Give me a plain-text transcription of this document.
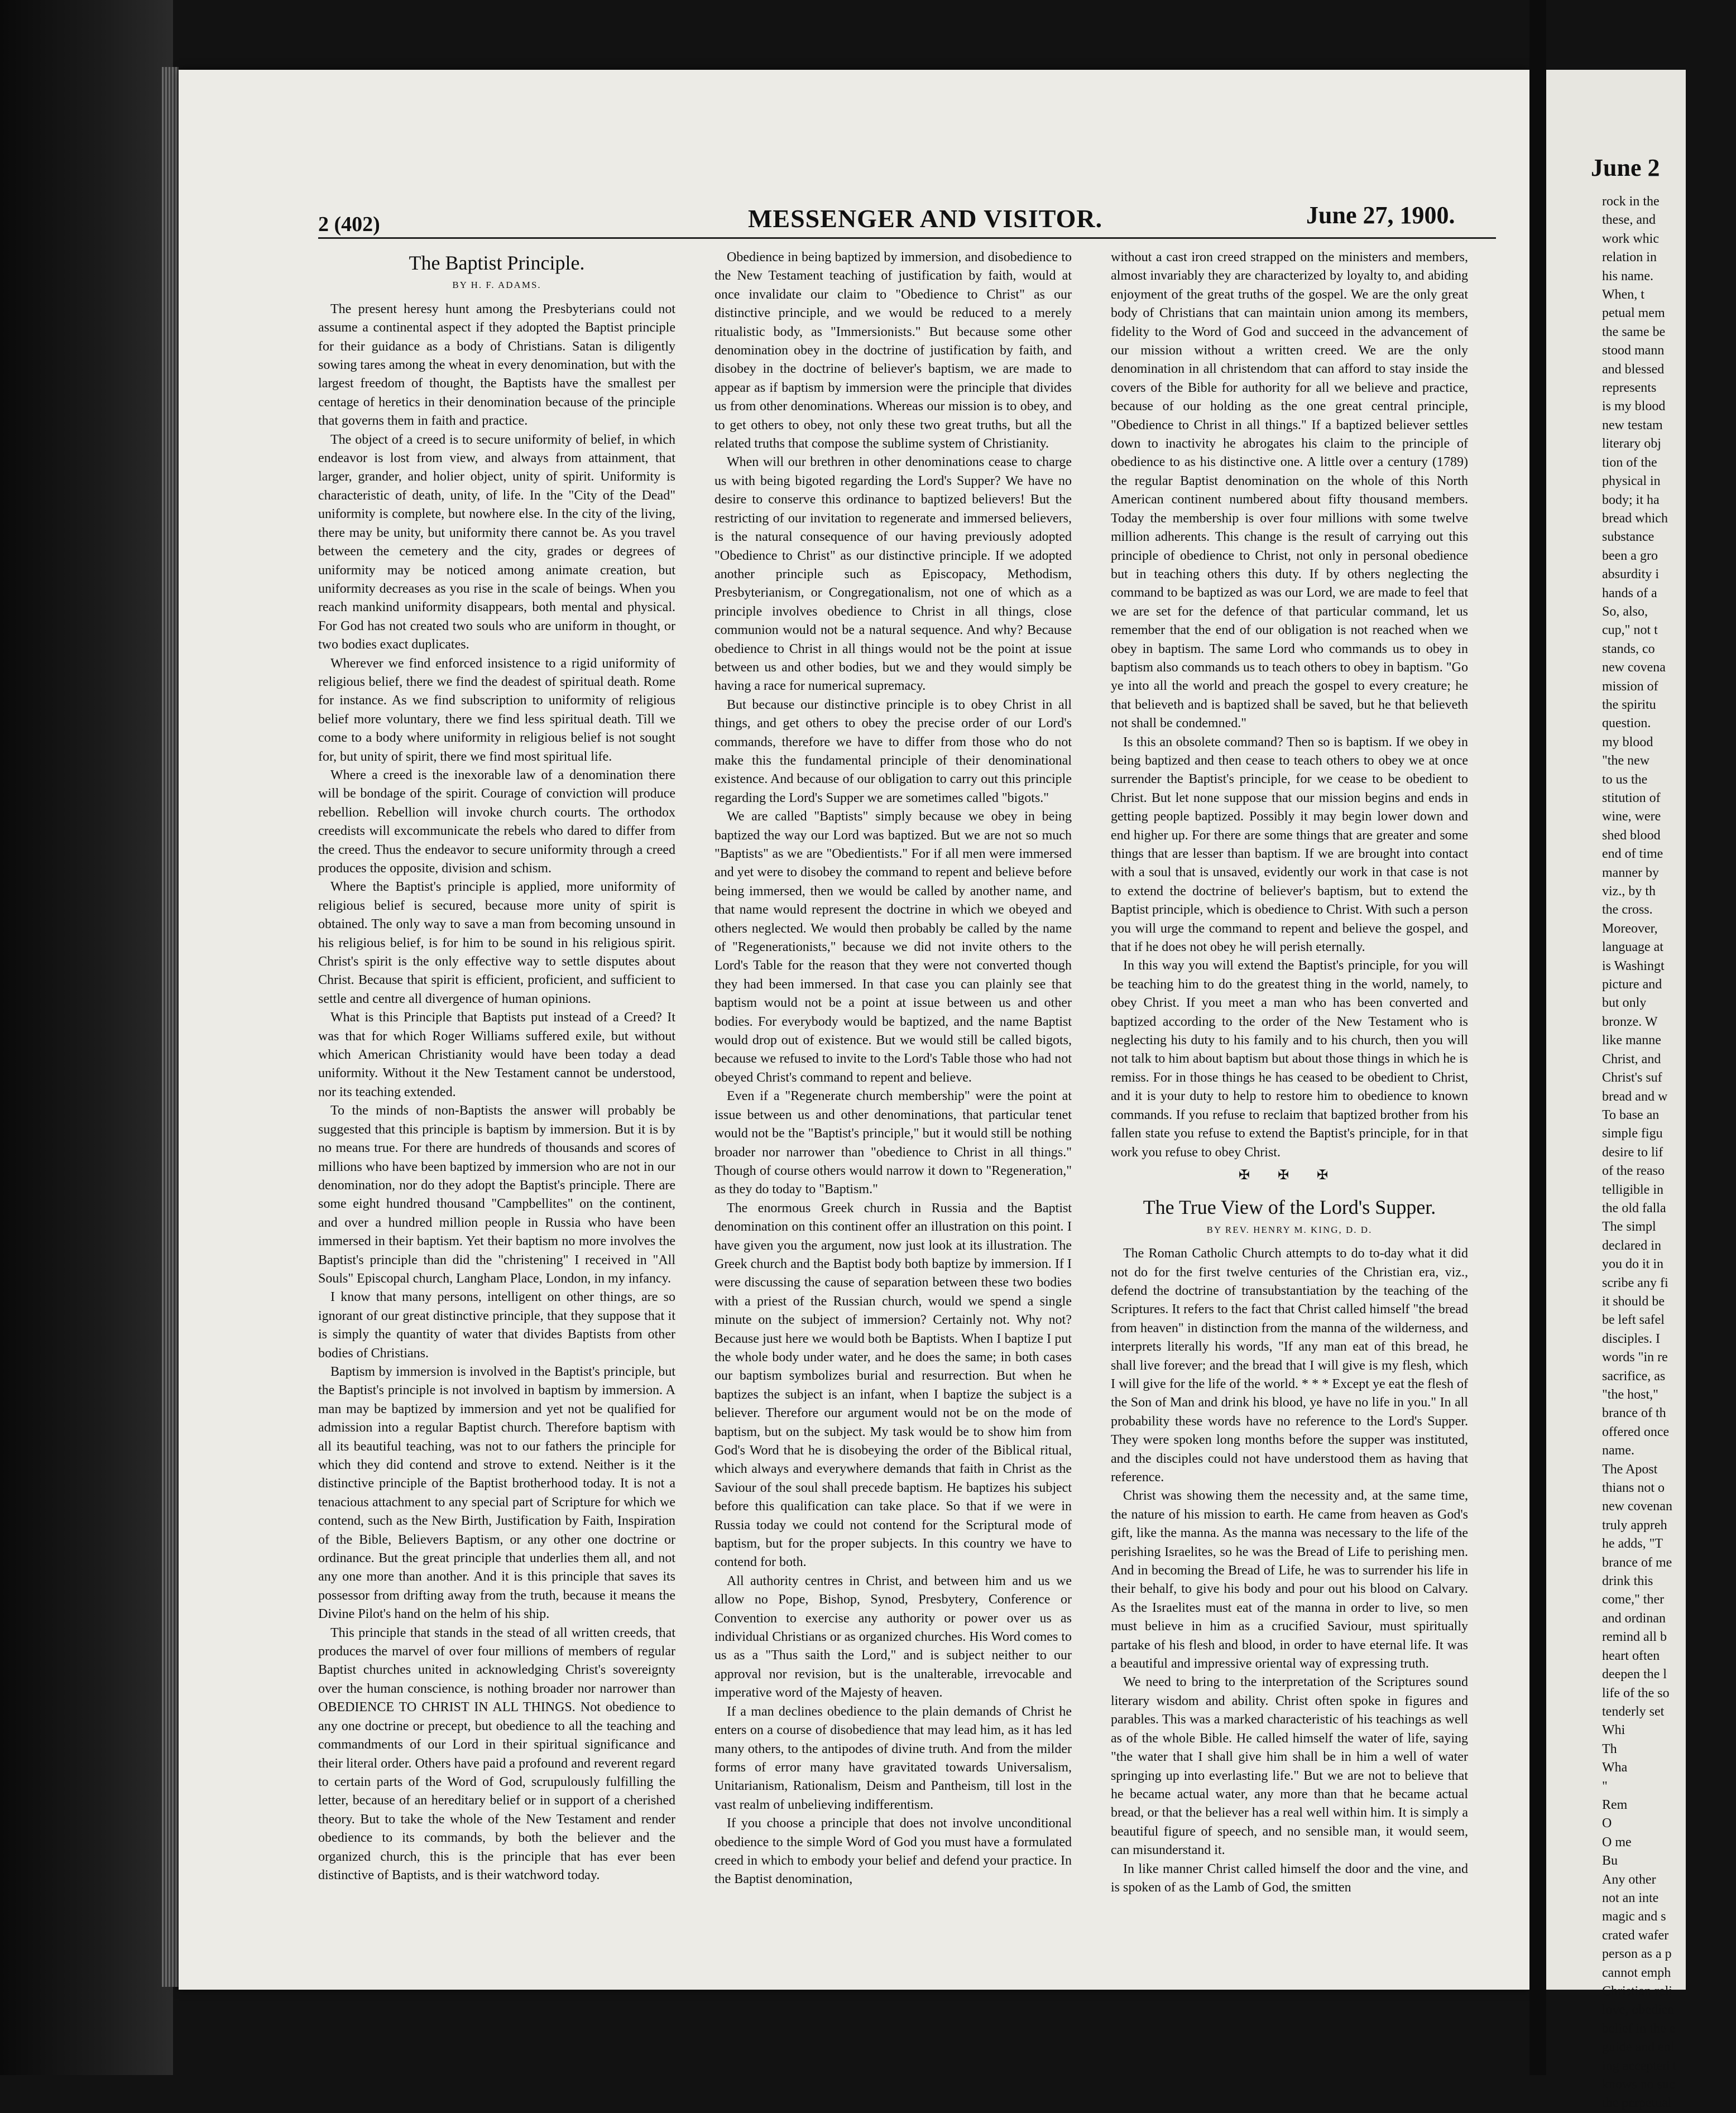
2 (402)	MESSENGER AND VISITOR.	June 27, 1900.
The Baptist Principle.
BY H. F. ADAMS.

The present heresy hunt among the Presbyterians could not assume a continental aspect if they adopted the Baptist principle for their guidance as a body of Christians. Satan is diligently sowing tares among the wheat in every denomination, but with the largest freedom of thought, the Baptists have the smallest per centage of heretics in their denomination because of the principle that governs them in faith and practice.

The object of a creed is to secure uniformity of belief, in which endeavor is lost from view, and always from attainment, that larger, grander, and holier object, unity of spirit. Uniformity is characteristic of death, unity, of life. In the "City of the Dead" uniformity is complete, but nowhere else. In the city of the living, there may be unity, but uniformity there cannot be. As you travel between the cemetery and the city, grades or degrees of uniformity may be noticed among animate creation, but uniformity decreases as you rise in the scale of beings. When you reach mankind uniformity disappears, both mental and physical. For God has not created two souls who are uniform in thought, or two bodies exact duplicates.

Wherever we find enforced insistence to a rigid uniformity of religious belief, there we find the deadest of spiritual death. Rome for instance. As we find subscription to uniformity of religious belief more voluntary, there we find less spiritual death. Till we come to a body where uniformity in religious belief is not sought for, but unity of spirit, there we find most spiritual life.

Where a creed is the inexorable law of a denomination there will be bondage of the spirit. Courage of conviction will produce rebellion. Rebellion will invoke church courts. The orthodox creedists will excommunicate the rebels who dared to differ from the creed. Thus the endeavor to secure uniformity through a creed produces the opposite, division and schism.

Where the Baptist's principle is applied, more uniformity of religious belief is secured, because more unity of spirit is obtained. The only way to save a man from becoming unsound in his religious belief, is for him to be sound in his religious spirit. Christ's spirit is the only effective way to settle disputes about Christ. Because that spirit is efficient, proficient, and sufficient to settle and centre all divergence of human opinions.

What is this Principle that Baptists put instead of a Creed? It was that for which Roger Williams suffered exile, but without which American Christianity would have been today a dead uniformity. Without it the New Testament cannot be understood, nor its teaching extended.

To the minds of non-Baptists the answer will probably be suggested that this principle is baptism by immersion. But it is by no means true. For there are hundreds of thousands and scores of millions who have been baptized by immersion who are not in our denomination, nor do they adopt the Baptist's principle. There are some eight hundred thousand "Campbellites" on the continent, and over a hundred million people in Russia who have been immersed in their baptism. Yet their baptism no more involves the Baptist's principle than did the "christening" I received in "All Souls" Episcopal church, Langham Place, London, in my infancy.

I know that many persons, intelligent on other things, are so ignorant of our great distinctive principle, that they suppose that it is simply the quantity of water that divides Baptists from other bodies of Christians.

Baptism by immersion is involved in the Baptist's principle, but the Baptist's principle is not involved in baptism by immersion. A man may be baptized by immersion and yet not be qualified for admission into a regular Baptist church. Therefore baptism with all its beautiful teaching, was not to our fathers the principle for which they did contend and strove to extend. Neither is it the distinctive principle of the Baptist brotherhood today. It is not a tenacious attachment to any special part of Scripture for which we contend, such as the New Birth, Justification by Faith, Inspiration of the Bible, Believers Baptism, or any other one doctrine or ordinance. But the great principle that underlies them all, and not any one more than another. And it is this principle that saves its possessor from drifting away from the truth, because it means the Divine Pilot's hand on the helm of his ship.

This principle that stands in the stead of all written creeds, that produces the marvel of over four millions of members of regular Baptist churches united in acknowledging Christ's sovereignty over the human conscience, is nothing broader nor narrower than OBEDIENCE TO CHRIST IN ALL THINGS. Not obedience to any one doctrine or precept, but obedience to all the teaching and commandments of our Lord in their spiritual significance and their literal order. Others have paid a profound and reverent regard to certain parts of the Word of God, scrupulously fulfilling the letter, because of an hereditary belief or in support of a cherished theory. But to take the whole of the New Testament and render obedience to its commands, by both the believer and the organized church, this is the principle that has ever been distinctive of Baptists, and is their watchword today.

Obedience in being baptized by immersion, and disobedience to the New Testament teaching of justification by faith, would at once invalidate our claim to "Obedience to Christ" as our distinctive principle, and we would be reduced to a merely ritualistic body, as "Immersionists." But because some other denomination obey in the doctrine of justification by faith, and disobey in the doctrine of believer's baptism, we are made to appear as if baptism by immersion were the principle that divides us from other denominations. Whereas our mission is to obey, and to get others to obey, not only these two great truths, but all the related truths that compose the sublime system of Christianity.

When will our brethren in other denominations cease to charge us with being bigoted regarding the Lord's Supper? We have no desire to conserve this ordinance to baptized believers! But the restricting of our invitation to regenerate and immersed believers, is the natural consequence of our having previously adopted "Obedience to Christ" as our distinctive principle. If we adopted another principle such as Episcopacy, Methodism, Presbyterianism, or Congregationalism, not one of which as a principle involves obedience to Christ in all things, close communion would not be a natural sequence. And why? Because obedience to Christ in all things would not be the point at issue between us and other bodies, but we and they would simply be having a race for numerical supremacy.

But because our distinctive principle is to obey Christ in all things, and get others to obey the precise order of our Lord's commands, therefore we have to differ from those who do not make this the fundamental principle of their denominational existence. And because of our obligation to carry out this principle regarding the Lord's Supper we are sometimes called "bigots."

We are called "Baptists" simply because we obey in being baptized the way our Lord was baptized. But we are not so much "Baptists" as we are "Obedientists." For if all men were immersed and yet were to disobey the command to repent and believe before being immersed, then we would be called by another name, and that name would represent the doctrine in which we obeyed and others neglected. We would then probably be called by the name of "Regenerationists," because we did not invite others to the Lord's Table for the reason that they were not converted though they had been immersed. In that case you can plainly see that baptism would not be a point at issue between us and other bodies. For everybody would be baptized, and the name Baptist would drop out of existence. But we would still be called bigots, because we refused to invite to the Lord's Table those who had not obeyed Christ's command to repent and believe.

Even if a "Regenerate church membership" were the point at issue between us and other denominations, that particular tenet would not be the "Baptist's principle," but it would still be nothing broader nor narrower than "obedience to Christ in all things." Though of course others would narrow it down to "Regeneration," as they do today to "Baptism."

The enormous Greek church in Russia and the Baptist denomination on this continent offer an illustration on this point. I have given you the argument, now just look at its illustration. The Greek church and the Baptist body both baptize by immersion. If I were discussing the cause of separation between these two bodies with a priest of the Russian church, would we spend a single minute on the subject of immersion? Certainly not. Why not? Because just here we would both be Baptists. When I baptize I put the whole body under water, and he does the same; in both cases our baptism symbolizes burial and resurrection. But when he baptizes the subject is an infant, when I baptize the subject is a believer. Therefore our argument would not be on the mode of baptism, but on the subject. My task would be to show him from God's Word that he is disobeying the order of the Biblical ritual, which always and everywhere demands that faith in Christ as the Saviour of the soul shall precede baptism. He baptizes his subject before this qualification can take place. So that if we were in Russia today we could not contend for the Scriptural mode of baptism, but for the proper subjects. In this country we have to contend for both.

All authority centres in Christ, and between him and us we allow no Pope, Bishop, Synod, Presbytery, Conference or Convention to exercise any authority or power over us as individual Christians or as organized churches. His Word comes to us as a "Thus saith the Lord," and is subject neither to our approval nor revision, but is the unalterable, irrevocable and imperative word of the Majesty of heaven.

If a man declines obedience to the plain demands of Christ he enters on a course of disobedience that may lead him, as it has led many others, to the antipodes of divine truth. And from the milder forms of error many have gravitated towards Universalism, Unitarianism, Rationalism, Deism and Pantheism, till lost in the vast realm of unbelieving indifferentism.

If you choose a principle that does not involve unconditional obedience to the simple Word of God you must have a formulated creed in which to embody your belief and defend your practice. In the Baptist denomination,

without a cast iron creed strapped on the ministers and members, almost invariably they are characterized by loyalty to, and abiding enjoyment of the great truths of the gospel. We are the only great body of Christians that can maintain union among its members, fidelity to the Word of God and succeed in the advancement of our mission without a written creed. We are the only denomination in all christendom that can afford to stay inside the covers of the Bible for authority for all we believe and practice, because of our holding as the one great central principle, "Obedience to Christ in all things." If a baptized believer settles down to inactivity he abrogates his claim to the principle of obedience to as his distinctive one. A little over a century (1789) the regular Baptist denomination on the whole of this North American continent numbered about fifty thousand members. Today the membership is over four millions with some twelve million adherents. This change is the result of carrying out this principle of obedience to Christ, not only in personal obedience but in teaching others this duty. If by others neglecting the command to be baptized as was our Lord, we are made to feel that we are set for the defence of that particular command, let us remember that the end of our obligation is not reached when we obey in baptism. The same Lord who commands us to obey in baptism also commands us to teach others to obey in baptism. "Go ye into all the world and preach the gospel to every creature; he that believeth and is baptized shall be saved, but he that believeth not shall be condemned."

Is this an obsolete command? Then so is baptism. If we obey in being baptized and then cease to teach others to obey we at once surrender the Baptist's principle, for we cease to be obedient to Christ. But let none suppose that our mission begins and ends in getting people baptized. Possibly it may begin lower down and end higher up. For there are some things that are greater and some things that are lesser than baptism. If we are brought into contact with a soul that is unsaved, evidently our work in that case is not to extend the doctrine of believer's baptism, but to extend the Baptist principle, which is obedience to Christ. With such a person you will urge the command to repent and believe the gospel, and that if he does not obey he will perish eternally.

In this way you will extend the Baptist's principle, for you will be teaching him to do the greatest thing in the world, namely, to obey Christ. If you meet a man who has been converted and baptized according to the order of the New Testament who is neglecting his duty to his family and to his church, then you will not talk to him about baptism but about those things in which he is remiss. For in those things he has ceased to be obedient to Christ, and it is your duty to help to restore him to obedience to known commands. If you refuse to reclaim that baptized brother from his fallen state you refuse to extend the Baptist's principle, for in that work you refuse to obey Christ.

✠ ✠ ✠
The True View of the Lord's Supper.
BY REV. HENRY M. KING, D. D.

The Roman Catholic Church attempts to do to-day what it did not do for the first twelve centuries of the Christian era, viz., defend the doctrine of transubstantiation by the teaching of the Scriptures. It refers to the fact that Christ called himself "the bread from heaven" in distinction from the manna of the wilderness, and interprets literally his words, "If any man eat of this bread, he shall live forever; and the bread that I will give is my flesh, which I will give for the life of the world. * * * Except ye eat the flesh of the Son of Man and drink his blood, ye have no life in you." In all probability these words have no reference to the Lord's Supper. They were spoken long months before the supper was instituted, and the disciples could not have understood them as having that reference.

Christ was showing them the necessity and, at the same time, the nature of his mission to earth. He came from heaven as God's gift, like the manna. As the manna was necessary to the life of the perishing Israelites, so he was the Bread of Life to perishing men. And in becoming the Bread of Life, he was to surrender his life in their behalf, to give his body and pour out his blood on Calvary. As the Israelites must eat of the manna in order to live, so men must believe in him as a crucified Saviour, must spiritually partake of his flesh and blood, in order to have eternal life. It was a beautiful and impressive oriental way of expressing truth.

We need to bring to the interpretation of the Scriptures sound literary wisdom and ability. Christ often spoke in figures and parables. This was a marked characteristic of his teachings as well as of the whole Bible. He called himself the water of life, saying "the water that I shall give him shall be in him a well of water springing up into everlasting life." But we are not to believe that he became actual water, any more than that he became actual bread, or that the believer has a real well within him. It is simply a beautiful figure of speech, and no sensible man, it would seem, can misunderstand it.

In like manner Christ called himself the door and the vine, and is spoken of as the Lamb of God, the smitten

June 2
rock in the
these, and
work whic
relation in
his name.
When, t
petual mem
the same be
stood mann
and blessed
represents
is my blood
new testam
literary obj
tion of the
physical in
body; it ha
bread which
substance
been a gro
absurdity i
hands of a
So, also,
cup," not t
stands, co
new covena
mission of
the spiritu
question.
my blood
"the new
to us the
stitution of
wine, were
shed blood
end of time
manner by
viz., by th
the cross.
Moreover,
language at
is Washingt
picture and
but only
bronze. W
like manne
Christ, and
Christ's suf
bread and w
To base an
simple figu
desire to lif
of the reaso
telligible in
the old falla
The simpl
declared in
you do it in
scribe any fi
it should be
be left safel
disciples. I
words "in re
sacrifice, as
"the host,"
brance of th
offered once
name.
The Apost
thians not o
new covenan
truly appreh
he adds, "T
brance of me
drink this
come," ther
and ordinan
remind all b
heart often
deepen the l
life of the so
tenderly set
Whi
Th
Wha
"
Rem
O
O me
Bu
Any other
not an inte
magic and s
crated wafer
person as a p
cannot emph
Christian reli
love, obedien
belief in the e
guide and enl
ing accepted t
knows no suc
the perpetual
